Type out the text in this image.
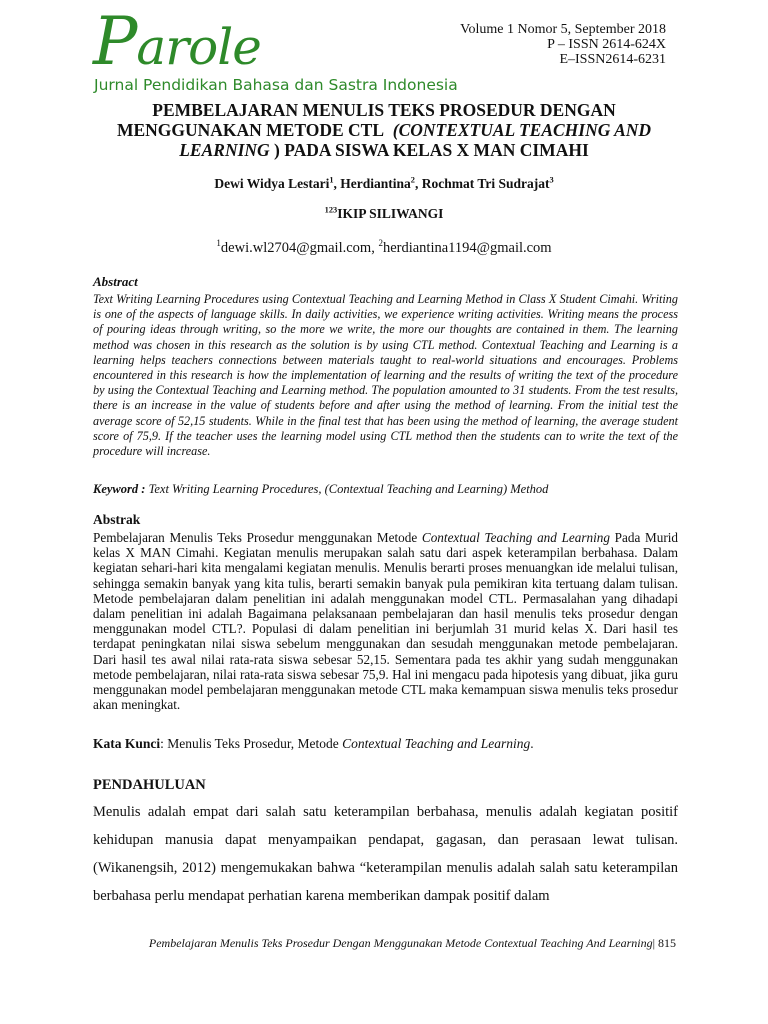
Parole
Jurnal Pendidikan Bahasa dan Sastra Indonesia
Volume 1 Nomor 5, September 2018
P – ISSN 2614-624X
E–ISSN2614-6231
PEMBELAJARAN MENULIS TEKS PROSEDUR DENGAN MENGGUNAKAN METODE CTL (CONTEXTUAL TEACHING AND LEARNING ) PADA SISWA KELAS X MAN CIMAHI
Dewi Widya Lestari$^1$, Herdiantina$^2$, Rochmat Tri Sudrajat$^3$
$^{123}$IKIP SILIWANGI
$^1$dewi.wl2704@gmail.com, $^2$herdiantina1194@gmail.com
Abstract

Text Writing Learning Procedures using Contextual Teaching and Learning Method in Class X Student Cimahi. Writing is one of the aspects of language skills. In daily activities, we experience writing activities. Writing means the process of pouring ideas through writing, so the more we write, the more our thoughts are contained in them. The learning method was chosen in this research as the solution is by using CTL method. Contextual Teaching and Learning is a learning helps teachers connections between materials taught to real-world situations and encourages. Problems encountered in this research is how the implementation of learning and the results of writing the text of the procedure by using the Contextual Teaching and Learning method. The population amounted to 31 students. From the test results, there is an increase in the value of students before and after using the method of learning. From the initial test the average score of 52,15 students. While in the final test that has been using the method of learning, the average student score of 75,9. If the teacher uses the learning model using CTL method then the students can to write the text of the procedure will increase.

Keyword : Text Writing Learning Procedures, (Contextual Teaching and Learning) Method
Abstrak

Pembelajaran Menulis Teks Prosedur menggunakan Metode Contextual Teaching and Learning Pada Murid kelas X MAN Cimahi. Kegiatan menulis merupakan salah satu dari aspek keterampilan berbahasa. Dalam kegiatan sehari-hari kita mengalami kegiatan menulis. Menulis berarti proses menuangkan ide melalui tulisan, sehingga semakin banyak yang kita tulis, berarti semakin banyak pula pemikiran kita tertuang dalam tulisan. Metode pembelajaran dalam penelitian ini adalah menggunakan model CTL. Permasalahan yang dihadapi dalam penelitian ini adalah Bagaimana pelaksanaan pembelajaran dan hasil menulis teks prosedur dengan menggunakan model CTL?. Populasi di dalam penelitian ini berjumlah 31 murid kelas X. Dari hasil tes terdapat peningkatan nilai siswa sebelum menggunakan dan sesudah menggunakan metode pembelajaran. Dari hasil tes awal nilai rata-rata siswa sebesar 52,15. Sementara pada tes akhir yang sudah menggunakan metode pembelajaran, nilai rata-rata siswa sebesar 75,9. Hal ini mengacu pada hipotesis yang dibuat, jika guru menggunakan model pembelajaran menggunakan metode CTL maka kemampuan siswa menulis teks prosedur akan meningkat.

Kata Kunci: Menulis Teks Prosedur, Metode Contextual Teaching and Learning.
PENDAHULUAN

Menulis adalah empat dari salah satu keterampilan berbahasa, menulis adalah kegiatan positif kehidupan manusia dapat menyampaikan pendapat, gagasan, dan perasaan lewat tulisan. (Wikanengsih, 2012) mengemukakan bahwa “keterampilan menulis adalah salah satu keterampilan berbahasa perlu mendapat perhatian karena memberikan dampak positif dalam

Pembelajaran Menulis Teks Prosedur Dengan Menggunakan Metode Contextual Teaching And Learning| 815
